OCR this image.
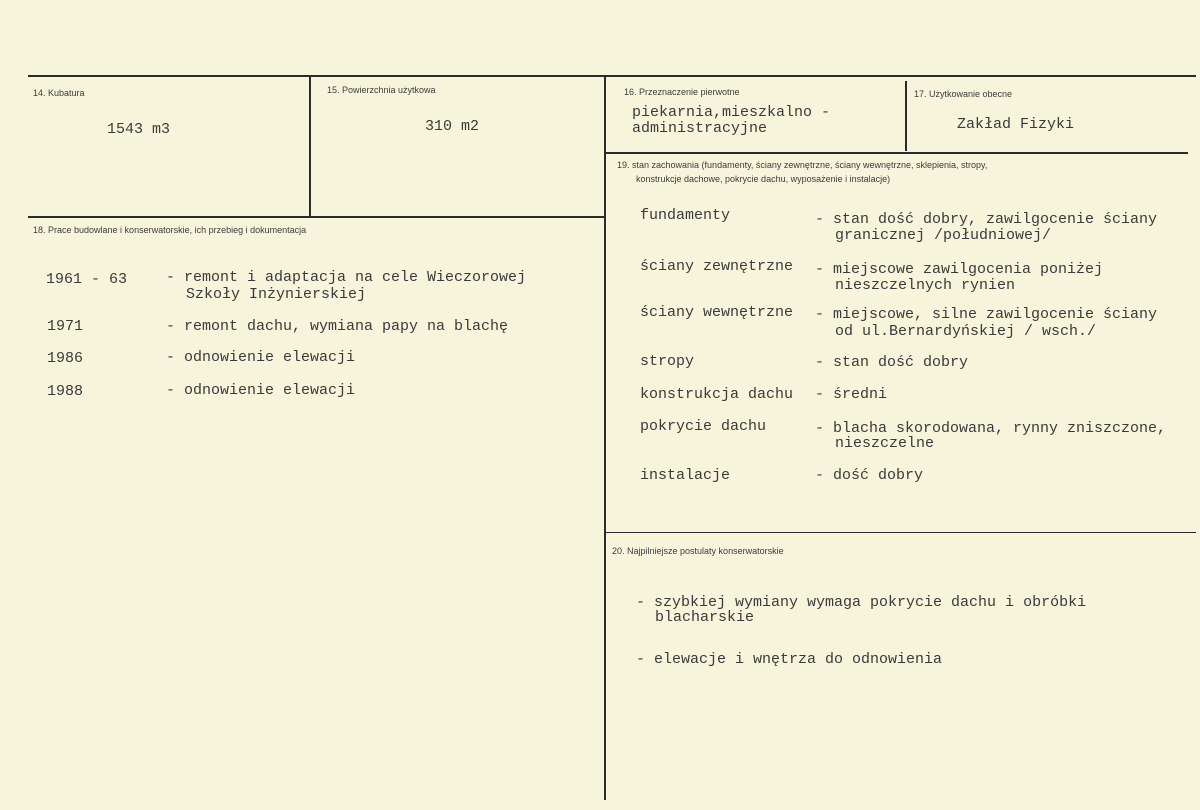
14. Kubatura
1543 m3
15. Powierzchnia użytkowa
310 m2
16. Przeznaczenie pierwotne
piekarnia,mieszkalno -
administracyjne
17. Użytkowanie obecne
Zakład Fizyki
18. Prace budowlane i konserwatorskie, ich przebieg i dokumentacja
1961 - 63	- remont i adaptacja na cele Wieczorowej
Szkoły Inżynierskiej
1971	- remont dachu, wymiana papy na blachę
1986	- odnowienie elewacji
1988	- odnowienie elewacji
19. stan zachowania (fundamenty, ściany zewnętrzne, ściany wewnętrzne, sklepienia, stropy,
konstrukcje dachowe, pokrycie dachu, wyposażenie i instalacje)
fundamenty	- stan dość dobry, zawilgocenie ściany
granicznej /południowej/
ściany zewnętrzne - miejscowe zawilgocenia poniżej
nieszczelnych rynien
ściany wewnętrzne - miejscowe, silne zawilgocenie ściany
od ul.Bernardyńskiej / wsch./
stropy	- stan dość dobry
konstrukcja dachu - średni
pokrycie dachu	- blacha skorodowana, rynny zniszczone,
nieszczelne
instalacje	- dość dobry
20. Najpilniejsze postulaty konserwatorskie
- szybkiej wymiany wymaga pokrycie dachu i obróbki
blacharskie
- elewacje i wnętrza do odnowienia
